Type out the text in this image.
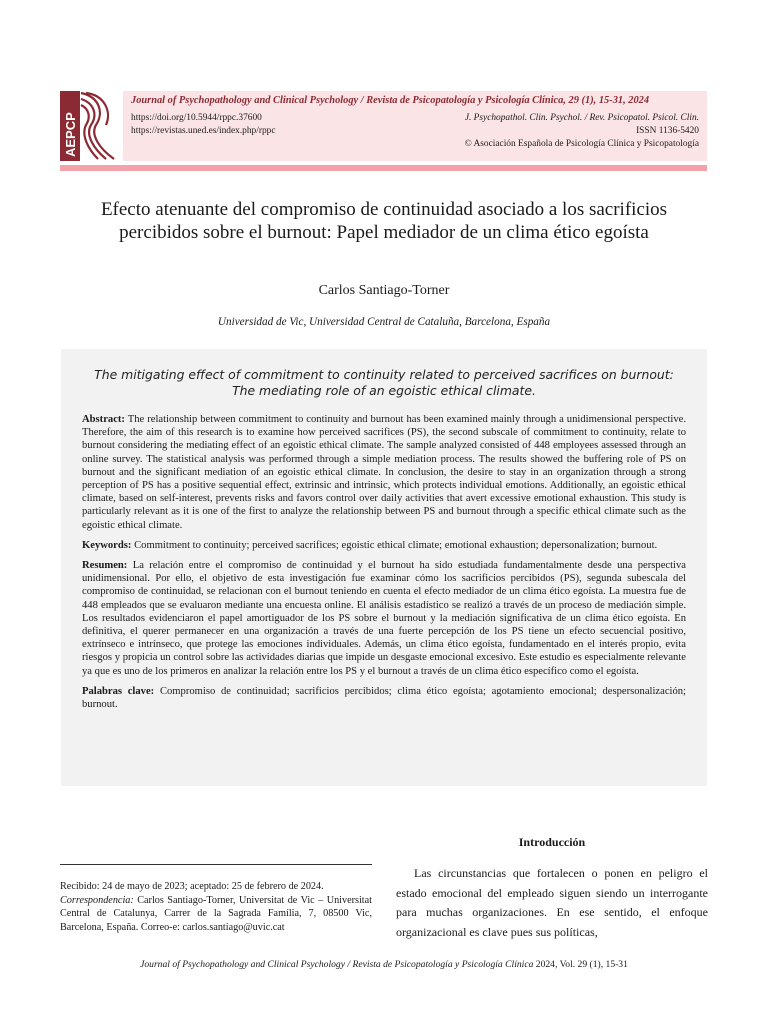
AEPCP
Journal of Psychopathology and Clinical Psychology / Revista de Psicopatología y Psicología Clínica, 29 (1), 15-31, 2024
https://doi.org/10.5944/rppc.37600
https://revistas.uned.es/index.php/rppc
J. Psychopathol. Clin. Psychol. / Rev. Psicopatol. Psicol. Clin.
ISSN 1136-5420
© Asociación Española de Psicología Clínica y Psicopatología
Efecto atenuante del compromiso de continuidad asociado a los sacrificios percibidos sobre el burnout: Papel mediador de un clima ético egoísta
Carlos Santiago-Torner
Universidad de Vic, Universidad Central de Cataluña, Barcelona, España
The mitigating effect of commitment to continuity related to perceived sacrifices on burnout: The mediating role of an egoistic ethical climate.

Abstract: The relationship between commitment to continuity and burnout has been examined mainly through a unidimensional perspective. Therefore, the aim of this research is to examine how perceived sacrifices (PS), the second subscale of commitment to continuity, relate to burnout considering the mediating effect of an egoistic ethical climate. The sample analyzed consisted of 448 employees assessed through an online survey. The statistical analysis was performed through a simple mediation process. The results showed the buffering role of PS on burnout and the significant mediation of an egoistic ethical climate. In conclusion, the desire to stay in an organization through a strong perception of PS has a positive sequential effect, extrinsic and intrinsic, which protects individual emotions. Additionally, an egoistic ethical climate, based on self-interest, prevents risks and favors control over daily activities that avert excessive emotional exhaustion. This study is particularly relevant as it is one of the first to analyze the relationship between PS and burnout through a specific ethical climate such as the egoistic ethical climate.

Keywords: Commitment to continuity; perceived sacrifices; egoistic ethical climate; emotional exhaustion; depersonalization; burnout.

Resumen: La relación entre el compromiso de continuidad y el burnout ha sido estudiada fundamentalmente desde una perspectiva unidimensional. Por ello, el objetivo de esta investigación fue examinar cómo los sacrificios percibidos (PS), segunda subescala del compromiso de continuidad, se relacionan con el burnout teniendo en cuenta el efecto mediador de un clima ético egoísta. La muestra fue de 448 empleados que se evaluaron mediante una encuesta online. El análisis estadístico se realizó a través de un proceso de mediación simple. Los resultados evidenciaron el papel amortiguador de los PS sobre el burnout y la mediación significativa de un clima ético egoísta. En definitiva, el querer permanecer en una organización a través de una fuerte percepción de los PS tiene un efecto secuencial positivo, extrínseco e intrínseco, que protege las emociones individuales. Además, un clima ético egoísta, fundamentado en el interés propio, evita riesgos y propicia un control sobre las actividades diarias que impide un desgaste emocional excesivo. Este estudio es especialmente relevante ya que es uno de los primeros en analizar la relación entre los PS y el burnout a través de un clima ético específico como el egoísta.

Palabras clave: Compromiso de continuidad; sacrificios percibidos; clima ético egoísta; agotamiento emocional; despersonalización; burnout.

Introducción

Las circunstancias que fortalecen o ponen en peligro el estado emocional del empleado siguen siendo un interrogante para muchas organizaciones. En ese sentido, el enfoque organizacional es clave pues sus políticas,

Recibido: 24 de mayo de 2023; aceptado: 25 de febrero de 2024.
Correspondencia: Carlos Santiago-Torner, Universitat de Vic – Universitat Central de Catalunya, Carrer de la Sagrada Família, 7, 08500 Vic, Barcelona, España. Correo-e: carlos.santiago@uvic.cat

Journal of Psychopathology and Clinical Psychology / Revista de Psicopatología y Psicología Clínica 2024, Vol. 29 (1), 15-31
